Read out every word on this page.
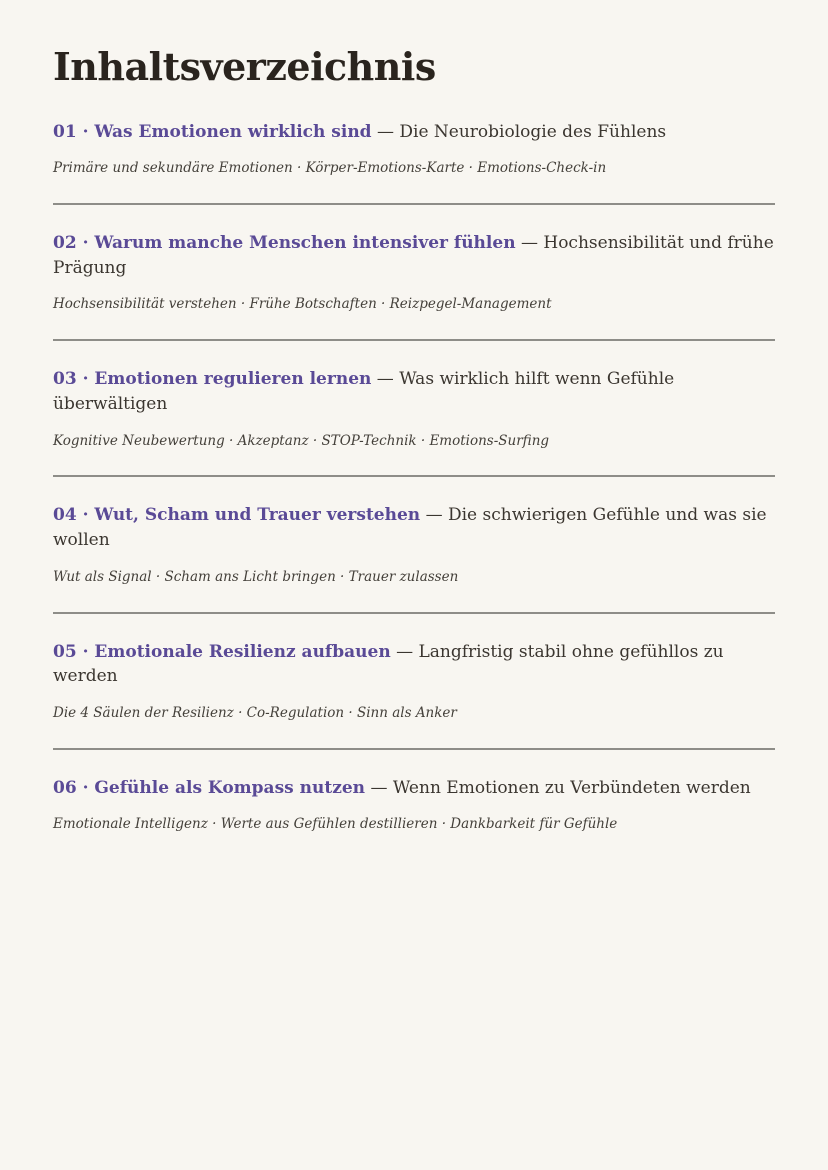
Inhaltsverzeichnis
01 · Was Emotionen wirklich sind — Die Neurobiologie des Fühlens

Primäre und sekundäre Emotionen · Körper-Emotions-Karte · Emotions-Check-in

02 · Warum manche Menschen intensiver fühlen — Hochsensibilität und frühe Prägung

Hochsensibilität verstehen · Frühe Botschaften · Reizpegel-Management

03 · Emotionen regulieren lernen — Was wirklich hilft wenn Gefühle überwältigen

Kognitive Neubewertung · Akzeptanz · STOP-Technik · Emotions-Surfing

04 · Wut, Scham und Trauer verstehen — Die schwierigen Gefühle und was sie wollen

Wut als Signal · Scham ans Licht bringen · Trauer zulassen

05 · Emotionale Resilienz aufbauen — Langfristig stabil ohne gefühllos zu werden

Die 4 Säulen der Resilienz · Co-Regulation · Sinn als Anker

06 · Gefühle als Kompass nutzen — Wenn Emotionen zu Verbündeten werden

Emotionale Intelligenz · Werte aus Gefühlen destillieren · Dankbarkeit für Gefühle
